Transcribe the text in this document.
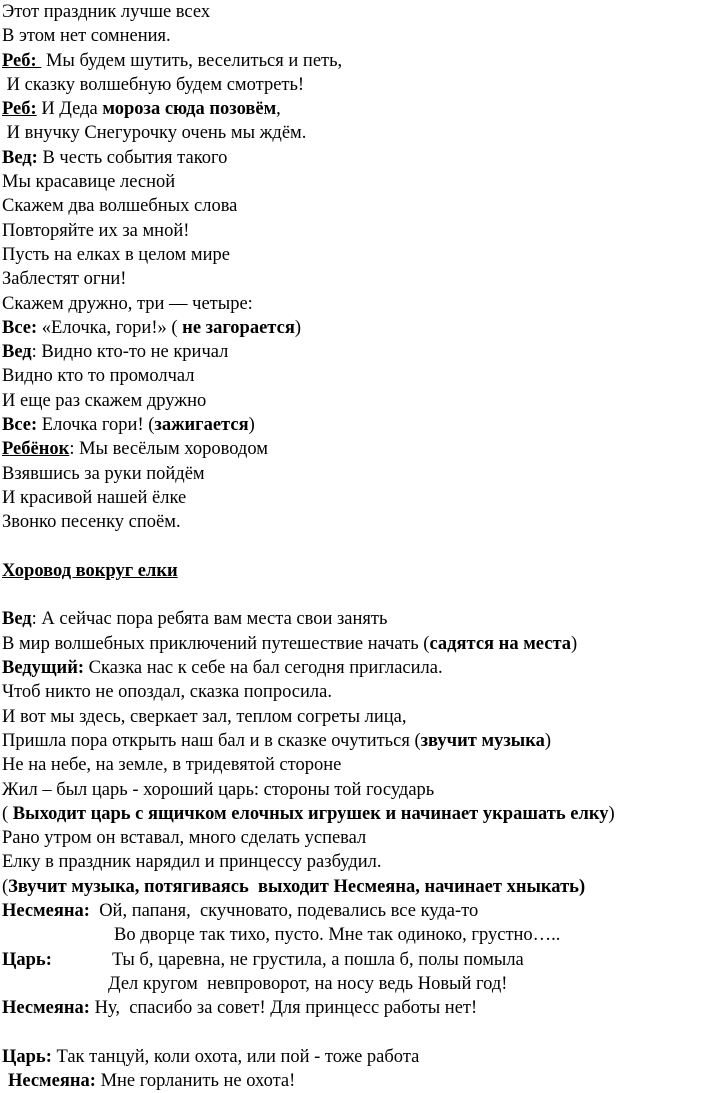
Этот праздник лучше всех
В этом нет сомнения.
Реб:  Мы будем шутить, веселиться и петь,
И сказку волшебную будем смотреть!
Реб: И Деда мороза сюда позовём,
И внучку Снегурочку очень мы ждём.
Вед: В честь события такого
Мы красавице лесной
Скажем два волшебных слова
Повторяйте их за мной!
Пусть на елках в целом мире
Заблестят огни!
Скажем дружно, три — четыре:
Все: «Елочка, гори!» ( не загорается)
Вед: Видно кто-то не кричал
Видно кто то промолчал
И еще раз скажем дружно
Все: Елочка гори! (зажигается)
Ребёнок: Мы весёлым хороводом
Взявшись за руки пойдём
И красивой нашей ёлке
Звонко песенку споём.
Хоровод вокруг елки
Вед: А сейчас пора ребята вам места свои занять
В мир волшебных приключений путешествие начать (садятся на места)
Ведущий: Сказка нас к себе на бал сегодня пригласила.
Чтоб никто не опоздал, сказка попросила.
И вот мы здесь, сверкает зал, теплом согреты лица,
Пришла пора открыть наш бал и в сказке очутиться (звучит музыка)
Не на небе, на земле, в тридевятой стороне
Жил – был царь - хороший царь: стороны той государь
( Выходит царь с ящичком елочных игрушек и начинает украшать елку)
Рано утром он вставал, много сделать успевал
Елку в праздник нарядил и принцессу разбудил.
(Звучит музыка, потягиваясь  выходит Несмеяна, начинает хныкать)
Несмеяна:  Ой, папаня,  скучновато, подевались все куда-то
Во дворце так тихо, пусто. Мне так одиноко, грустно…..
Царь:	Ты б, царевна, не грустила, а пошла б, полы помыла
Дел кругом  невпроворот, на носу ведь Новый год!
Несмеяна: Ну,  спасибо за совет! Для принцесс работы нет!
Царь: Так танцуй, коли охота, или пой - тоже работа
Несмеяна: Мне горланить не охота!
